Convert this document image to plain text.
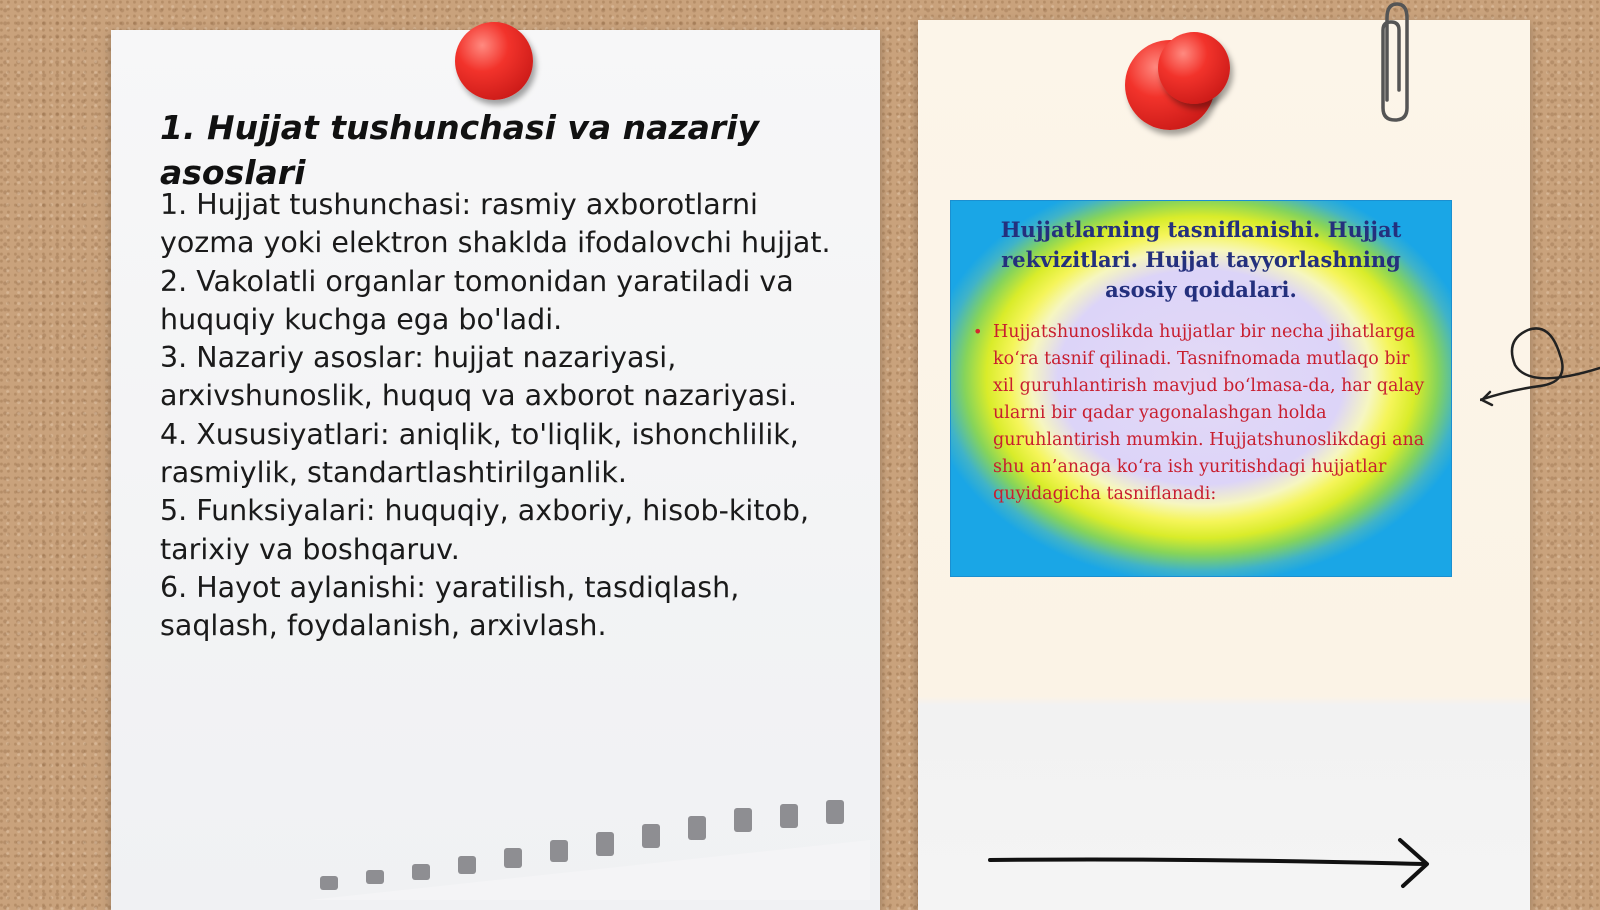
1. Hujjat tushunchasi va nazariy asoslari
1. Hujjat tushunchasi: rasmiy axborotlarni yozma yoki elektron shaklda ifodalovchi hujjat.
2. Vakolatli organlar tomonidan yaratiladi va huquqiy kuchga ega bo'ladi.
3. Nazariy asoslar: hujjat nazariyasi, arxivshunoslik, huquq va axborot nazariyasi.
4. Xususiyatlari: aniqlik, to'liqlik, ishonchlilik, rasmiylik, standartlashtirilganlik.
5. Funksiyalari: huquqiy, axboriy, hisob-kitob, tarixiy va boshqaruv.
6. Hayot aylanishi: yaratilish, tasdiqlash, saqlash, foydalanish, arxivlash.

Hujjatlarning tasniflanishi. Hujjat rekvizitlari. Hujjat tayyorlashning asosiy qoidalari.

• Hujjatshunoslikda hujjatlar bir necha jihatlarga ko‘ra tasnif qilinadi. Tasnifnomada mutlaqo bir xil guruhlantirish mavjud bo‘lmasa-da, har qalay ularni bir qadar yagonalashgan holda guruhlantirish mumkin. Hujjatshunoslikdagi ana shu an’anaga ko‘ra ish yuritishdagi hujjatlar quyidagicha tasniflanadi:
